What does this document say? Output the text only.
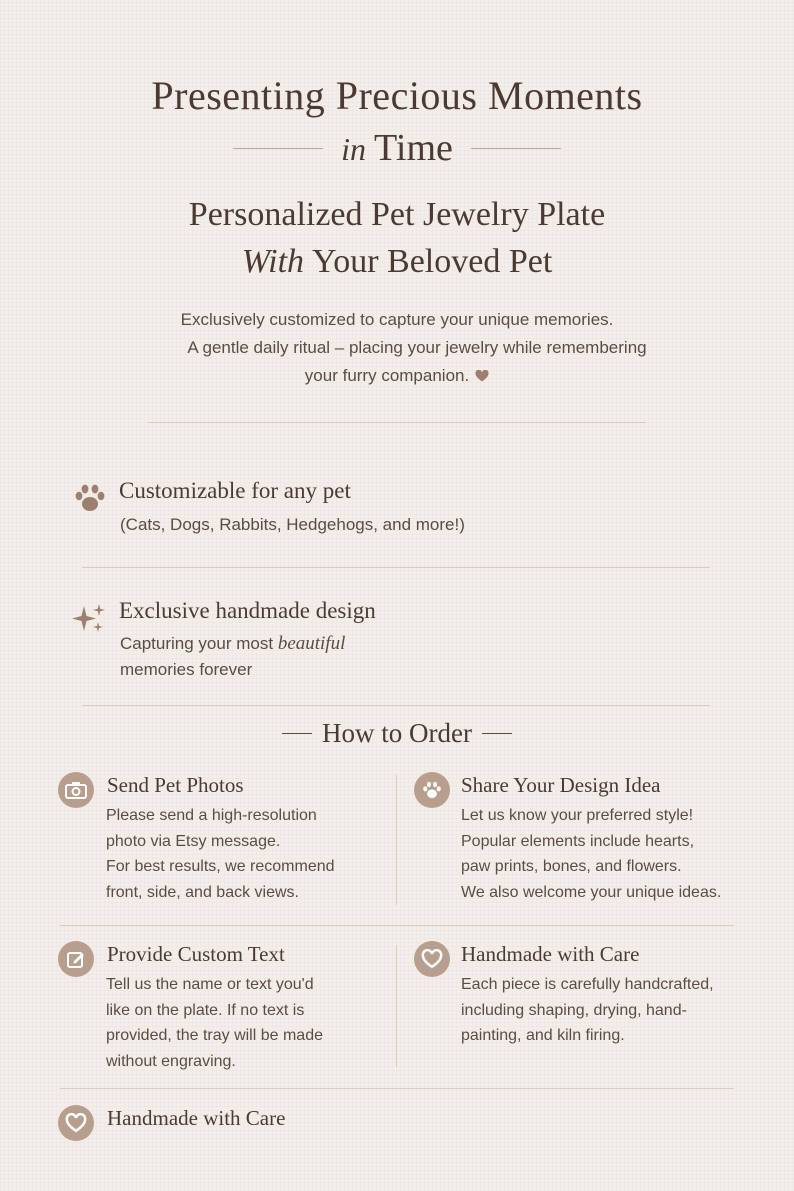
Presenting Precious Moments
in Time
Personalized Pet Jewelry Plate
With Your Beloved Pet
Exclusively customized to capture your unique memories.
A gentle daily ritual – placing your jewelry while remembering
your furry companion.
Customizable for any pet
(Cats, Dogs, Rabbits, Hedgehogs, and more!)
Exclusive handmade design
Capturing your most beautiful
memories forever
How to Order
Send Pet Photos
Please send a high-resolution
photo via Etsy message.
For best results, we recommend
front, side, and back views.
Share Your Design Idea
Let us know your preferred style!
Popular elements include hearts,
paw prints, bones, and flowers.
We also welcome your unique ideas.
Provide Custom Text
Tell us the name or text you'd
like on the plate. If no text is
provided, the tray will be made
without engraving.
Handmade with Care
Each piece is carefully handcrafted,
including shaping, drying, hand-
painting, and kiln firing.
Handmade with Care
